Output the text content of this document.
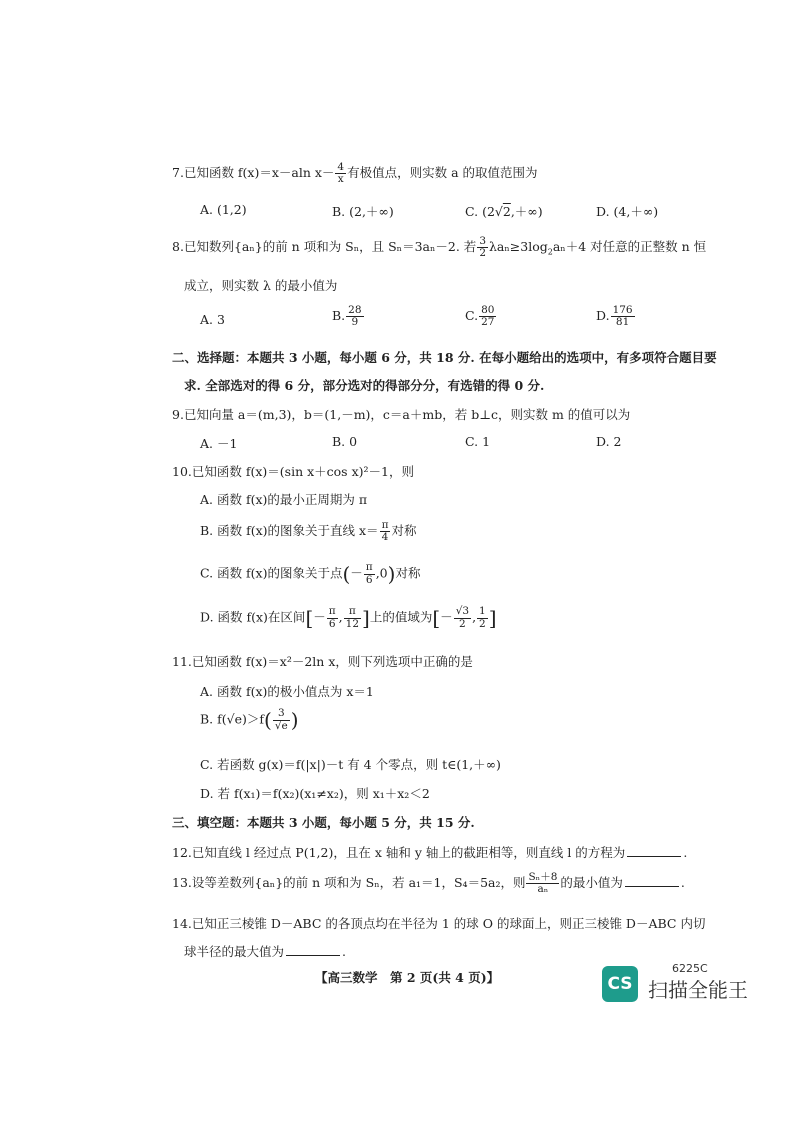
7.已知函数 f(x)＝x－aln $x- \frac{4}{x}$ 有极值点，则实数 a 的取值范围为
A. (1,2)	B. (2,＋∞)	C. (2√2,＋∞)	D. (4,＋∞)
8.已知数列{aₙ}的前 n 项和为 Sₙ，且 Sₙ＝3aₙ－2. 若 $\frac{3}{2} \lambda a_n\ge 3\log_2a_n+4$ 对任意的正整数 n 恒
成立，则实数 λ 的最小值为
A. 3	B. $\frac{28}{9}$	C. $\frac{80}{27}$	D. $\frac{176}{81}$
二、选择题：本题共 3 小题，每小题 6 分，共 18 分. 在每小题给出的选项中，有多项符合题目要
求. 全部选对的得 6 分，部分选对的得部分分，有选错的得 0 分.
9.已知向量 a＝(m,3)，b＝(1,－m)，c＝a＋mb，若 b⊥c，则实数 m 的值可以为
A. －1	B. 0	C. 1	D. 2
10.已知函数 f(x)＝(sin x＋cos x)²－1，则
A. 函数 f(x)的最小正周期为 π
B. 函数 f(x)的图象关于直线 $x= \frac{\pi}{4}$ 对称
C. 函数 f(x)的图象关于点(－ $\frac{\pi}{6} ,0$)对称
D. 函数 f(x)在区间[－ $\frac{\pi}{6}$ , $\frac{\pi}{12}$ ]上的值域为[－ $\frac{√3}{2}$ , $\frac{1}{2}$ ]
11.已知函数 f(x)＝x²－2ln x，则下列选项中正确的是
A. 函数 f(x)的极小值点为 x＝1
B. $f(√e)>f( \frac{3}{√e}$ )
C. 若函数 g(x)＝f(|x|)－t 有 4 个零点，则 t∈(1,＋∞)
D. 若 f(x₁)＝f(x₂)(x₁≠x₂)，则 x₁＋x₂＜2
三、填空题：本题共 3 小题，每小题 5 分，共 15 分.
12.已知直线 l 经过点 P(1,2)，且在 x 轴和 y 轴上的截距相等，则直线 l 的方程为	.
13.设等差数列{aₙ}的前 n 项和为 Sₙ，若 a₁＝1，S₄＝5a₂，则 $\frac{\text{Sₙ＋8}}{\text{aₙ}}$ 的最小值为	.
14.已知正三棱锥 D－ABC 的各顶点均在半径为 1 的球 O 的球面上，则正三棱锥 D－ABC 内切
球半径的最大值为	.
【高三数学　第 2 页(共 4 页)】
6225C
CS 扫描全能王
